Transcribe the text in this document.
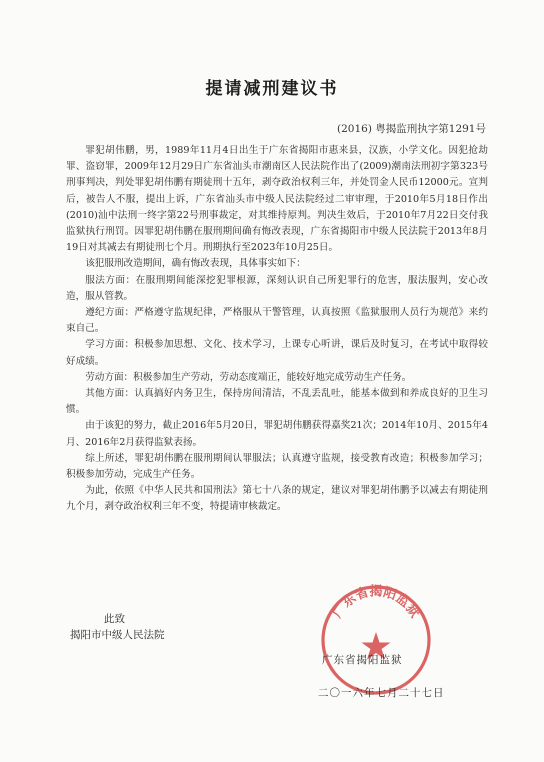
提请减刑建议书
(2016) 粤揭监刑执字第1291号

罪犯胡伟鹏，男，1989年11月4日出生于广东省揭阳市惠来县，汉族，小学文化。因犯抢劫罪、盗窃罪，2009年12月29日广东省汕头市潮南区人民法院作出了(2009)潮南法刑初字第323号刑事判决，判处罪犯胡伟鹏有期徒刑十五年，剥夺政治权利三年，并处罚金人民币12000元。宣判后，被告人不服，提出上诉，广东省汕头市中级人民法院经过二审审理，于2010年5月18日作出(2010)汕中法刑一终字第22号刑事裁定，对其维持原判。判决生效后，于2010年7月22日交付我监狱执行刑罚。因罪犯胡伟鹏在服刑期间确有悔改表现，广东省揭阳市中级人民法院于2013年8月19日对其减去有期徒刑七个月。刑期执行至2023年10月25日。

该犯服刑改造期间，确有悔改表现，具体事实如下：

服法方面：在服刑期间能深挖犯罪根源，深刻认识自己所犯罪行的危害，服法服判，安心改造，服从管教。

遵纪方面：严格遵守监规纪律，严格服从干警管理，认真按照《监狱服刑人员行为规范》来约束自己。

学习方面：积极参加思想、文化、技术学习，上课专心听讲，课后及时复习，在考试中取得较好成绩。

劳动方面：积极参加生产劳动，劳动态度端正，能较好地完成劳动生产任务。

其他方面：认真搞好内务卫生，保持房间清洁，不乱丢乱吐，能基本做到和养成良好的卫生习惯。

由于该犯的努力，截止2016年5月20日，罪犯胡伟鹏获得嘉奖21次；2014年10月、2015年4月、2016年2月获得监狱表扬。

综上所述，罪犯胡伟鹏在服刑期间认罪服法；认真遵守监规，接受教育改造；积极参加学习；积极参加劳动，完成生产任务。

为此，依照《中华人民共和国刑法》第七十八条的规定，建议对罪犯胡伟鹏予以减去有期徒刑九个月，剥夺政治权利三年不变，特提请审核裁定。

此致
揭阳市中级人民法院
广东省揭阳监狱
广东省揭阳监狱
二〇一六年七月二十七日
